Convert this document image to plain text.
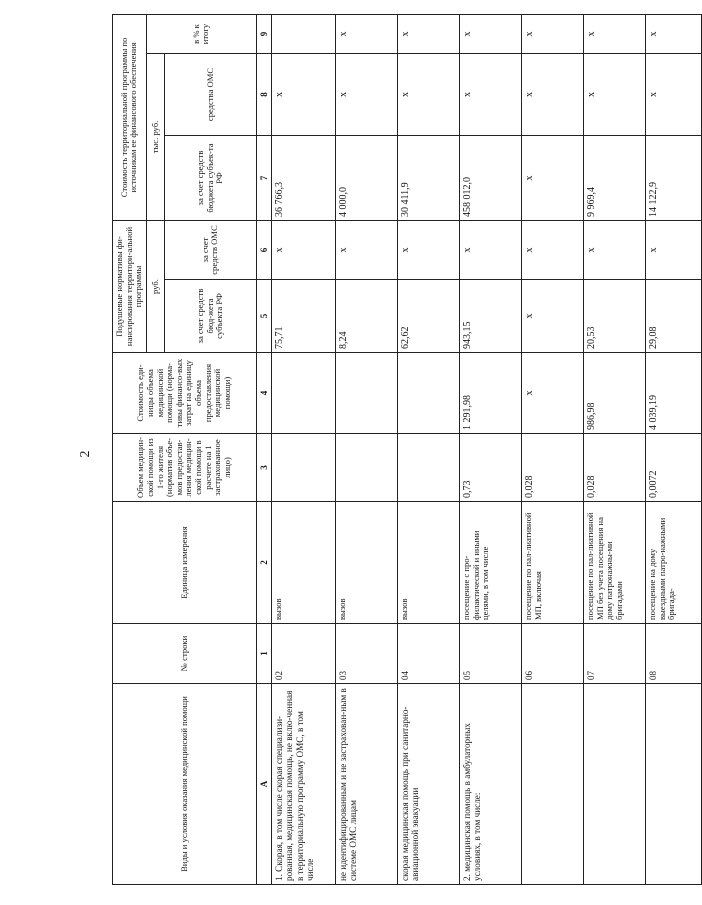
2
Виды и условия оказания медицинской помощи	№ строки	Единица измерения	Объем медицин-ской помощи из 1-го жителя (норматив объе-мов предостав-ления медицин-ской помощи в расчете на 1 застрахованное лицо)	Стоимость еди-ницы объема медицинской помощи (норма-тивы финансо-вых затрат на единицу объема предоставления медицинской помощи)	Подушевые нормативы фи-нансирования территори-альной программы		Стоимость территориальной программы по источникам ее финансового обеспечения		
					руб.		тыс. руб.		в % к итогу
					за счет средств бюд-жета субъекта РФ	за счет средств ОМС	за счет средств бюджета субъек-та РФ	средства ОМС	
А	1	2	3	4	5	6	7	8	9
1. Скорая, в том числе скорая специализи-рованная, медицинская помощь, не вклю-ченная в территориальную программу ОМС, в том числе	02	вызов			75,71	х	36 766,3	х	
не идентифицированным и не застрахован-ным в системе ОМС лицам	03	вызов			8,24	х	4 000,0	х	х
скорая медицинская помощь при санитарно-авиационной эвакуации	04	вызов			62,62	х	30 411,9	х	х
2. медицинская помощь в амбулаторных условиях, в том числе:	05	посещение с про-филактической и иными целями, в том числе	0,73	1 291,98	943,15	х	458 012,0	х	х
	06	посещение по пал-лиативной МП, включая	0,028	х	х	х	х	х	х
	07	посещение по пал-лиативной МП без учета посещения на дому патронажны-ми бригадами	0,028	986,98	20,53	х	9 969,4	х	х
	08	посещение на дому выездными патро-нажными бригада-	0,0072	4 039,19	29,08	х	14 122,9	х	х
